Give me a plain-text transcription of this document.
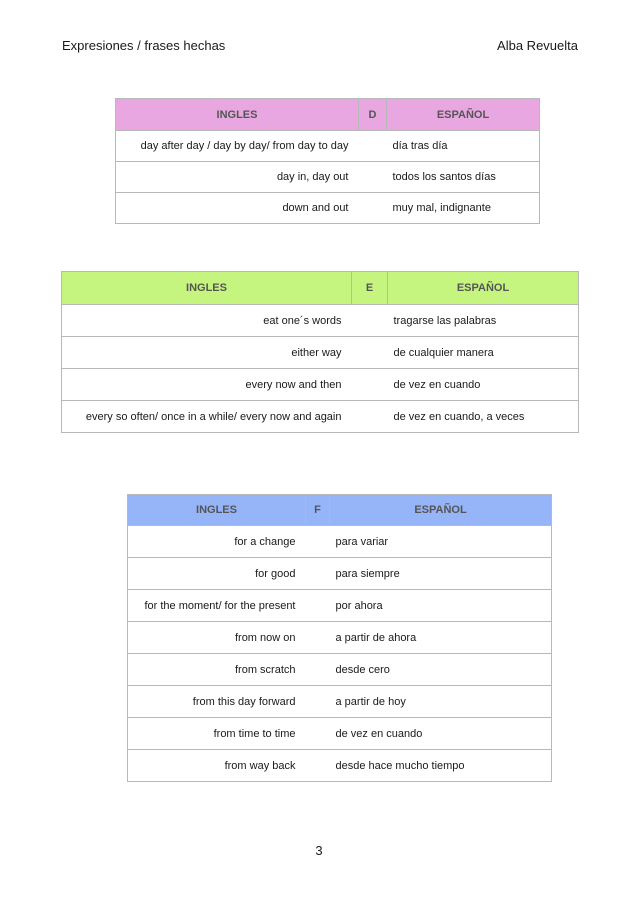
Expresiones / frases hechas	Alba Revuelta
INGLES	D	ESPAÑOL
day after day / day by day/ from day to day		día tras día
day in, day out		todos los santos días
down and out		muy mal, indignante
INGLES	E	ESPAÑOL
eat one´s words		tragarse las palabras
either way		de cualquier manera
every now and then		de vez en cuando
every so often/ once in a while/ every now and again		de vez en cuando, a veces
INGLES	F	ESPAÑOL
for a change		para variar
for good		para siempre
for the moment/ for the present		por ahora
from now on		a partir de ahora
from scratch		desde cero
from this day forward		a partir de hoy
from time to time		de vez en cuando
from way back		desde hace mucho tiempo
3
